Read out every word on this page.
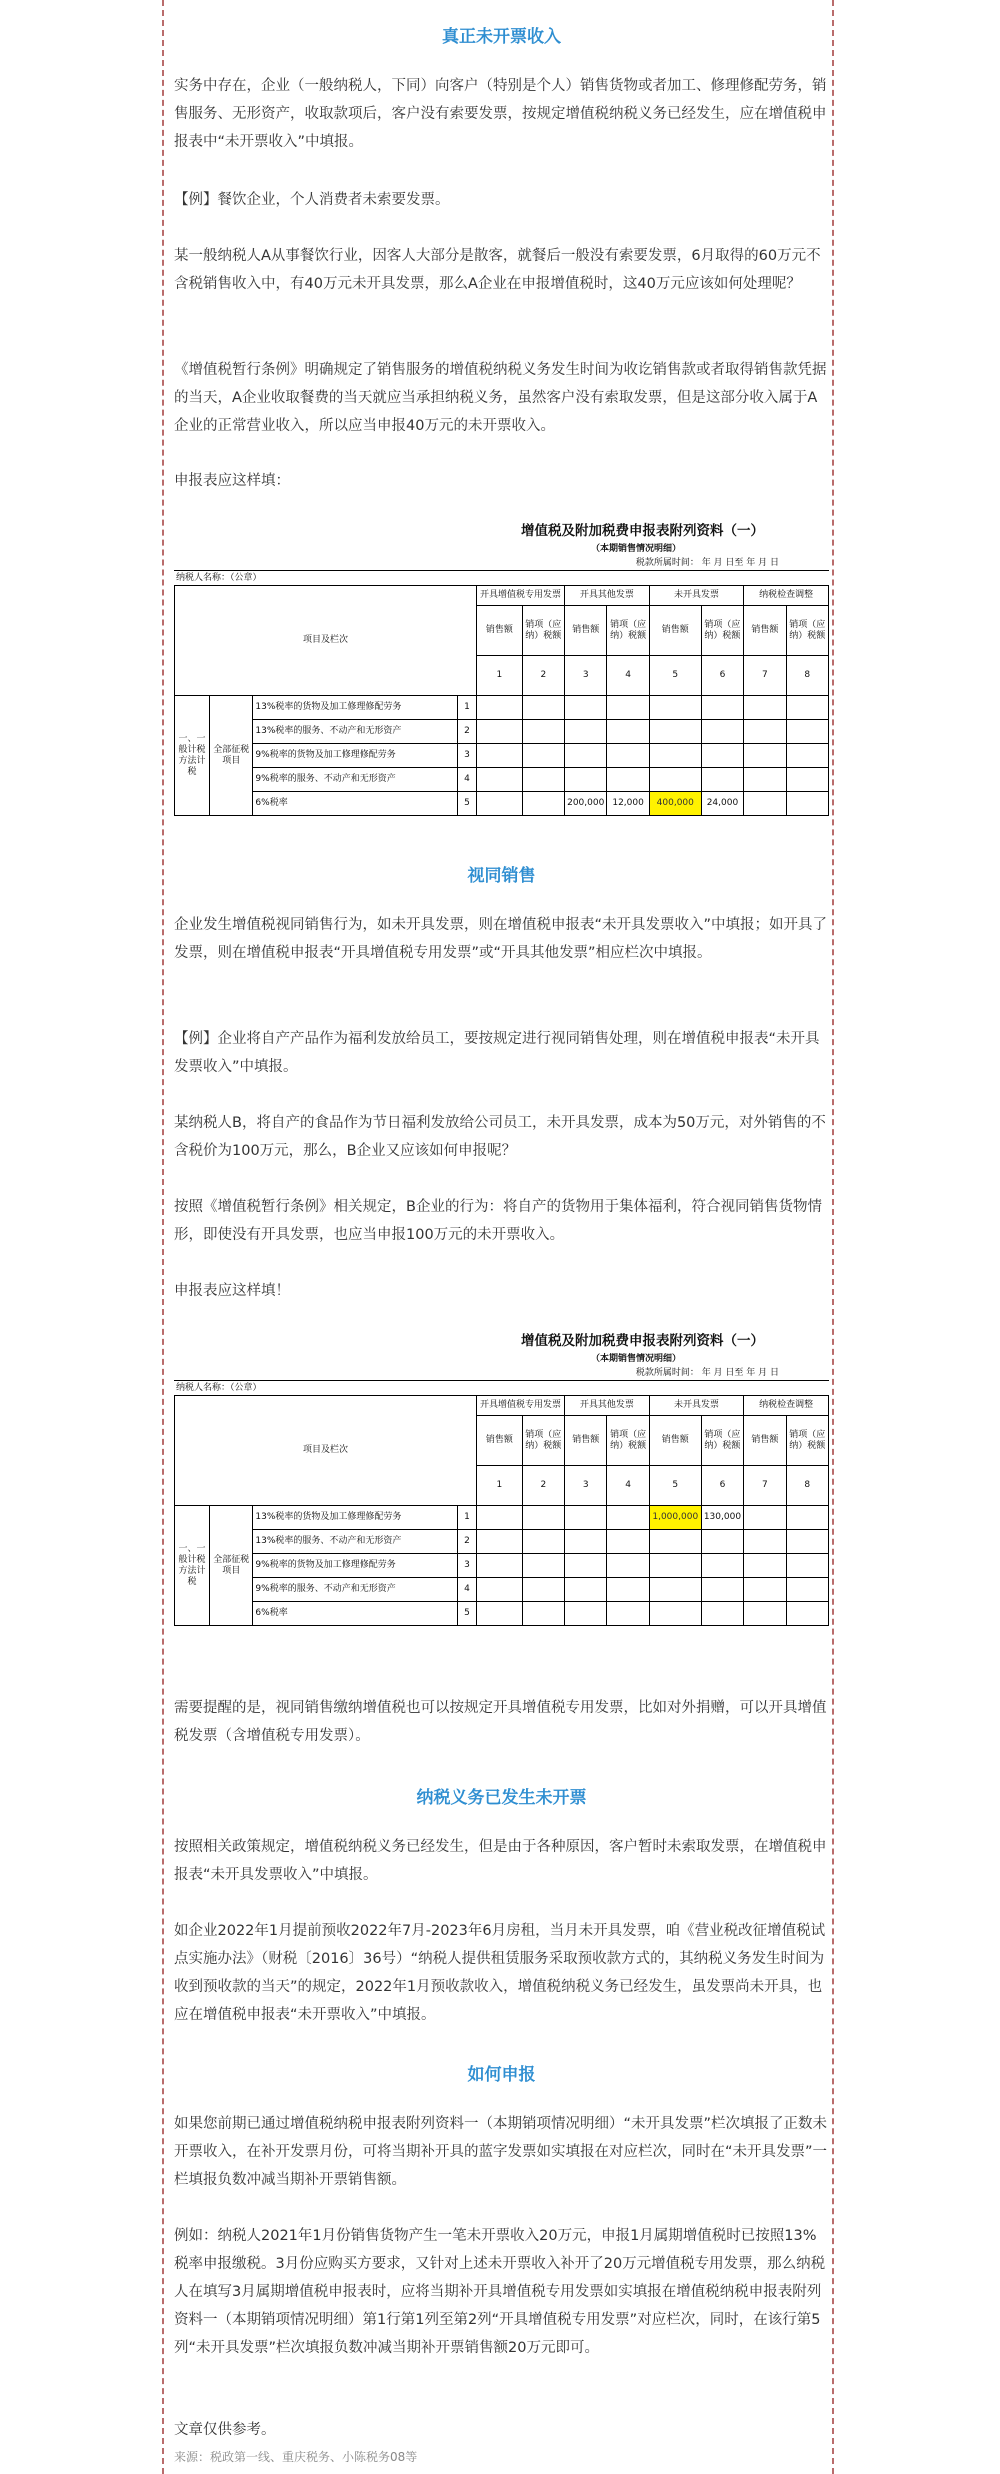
真正未开票收入

实务中存在，企业（一般纳税人，下同）向客户（特别是个人）销售货物或者加工、修理修配劳务，销售服务、无形资产，收取款项后，客户没有索要发票，按规定增值税纳税义务已经发生，应在增值税申报表中“未开票收入”中填报。

【例】餐饮企业，个人消费者未索要发票。

某一般纳税人A从事餐饮行业，因客人大部分是散客，就餐后一般没有索要发票，6月取得的60万元不含税销售收入中，有40万元未开具发票，那么A企业在申报增值税时，这40万元应该如何处理呢？

《增值税暂行条例》明确规定了销售服务的增值税纳税义务发生时间为收讫销售款或者取得销售款凭据的当天，A企业收取餐费的当天就应当承担纳税义务，虽然客户没有索取发票，但是这部分收入属于A企业的正常营业收入，所以应当申报40万元的未开票收入。

申报表应这样填：

增值税及附加税费申报表附列资料（一）
（本期销售情况明细）
税款所属时间： 年 月 日至 年 月 日
纳税人名称：（公章）
项目及栏次				开具增值税专用发票		开具其他发票		未开具发票		纳税检查调整	
				销售额	销项（应纳）税额	销售额	销项（应纳）税额	销售额	销项（应纳）税额	销售额	销项（应纳）税额
				1	2	3	4	5	6	7	8
一、一般计税方法计税	全部征税项目	13%税率的货物及加工修理修配劳务	1								
		13%税率的服务、不动产和无形资产	2								
		9%税率的货物及加工修理修配劳务	3								
		9%税率的服务、不动产和无形资产	4								
		6%税率	5			200,000	12,000	400,000	24,000		
视同销售

企业发生增值税视同销售行为，如未开具发票，则在增值税申报表“未开具发票收入”中填报；如开具了发票，则在增值税申报表“开具增值税专用发票”或“开具其他发票”相应栏次中填报。

【例】企业将自产产品作为福利发放给员工，要按规定进行视同销售处理，则在增值税申报表“未开具发票收入”中填报。

某纳税人B，将自产的食品作为节日福利发放给公司员工，未开具发票，成本为50万元，对外销售的不含税价为100万元，那么，B企业又应该如何申报呢？

按照《增值税暂行条例》相关规定，B企业的行为：将自产的货物用于集体福利，符合视同销售货物情形，即使没有开具发票，也应当申报100万元的未开票收入。

申报表应这样填！

增值税及附加税费申报表附列资料（一）
（本期销售情况明细）
税款所属时间： 年 月 日至 年 月 日
纳税人名称：（公章）
项目及栏次				开具增值税专用发票		开具其他发票		未开具发票		纳税检查调整	
				销售额	销项（应纳）税额	销售额	销项（应纳）税额	销售额	销项（应纳）税额	销售额	销项（应纳）税额
				1	2	3	4	5	6	7	8
一、一般计税方法计税	全部征税项目	13%税率的货物及加工修理修配劳务	1					1,000,000	130,000		
		13%税率的服务、不动产和无形资产	2								
		9%税率的货物及加工修理修配劳务	3								
		9%税率的服务、不动产和无形资产	4								
		6%税率	5								

需要提醒的是，视同销售缴纳增值税也可以按规定开具增值税专用发票，比如对外捐赠，可以开具增值税发票（含增值税专用发票）。

纳税义务已发生未开票

按照相关政策规定，增值税纳税义务已经发生，但是由于各种原因，客户暂时未索取发票，在增值税申报表“未开具发票收入”中填报。

如企业2022年1月提前预收2022年7月-2023年6月房租，当月未开具发票，咱《营业税改征增值税试点实施办法》（财税〔2016〕36号）“纳税人提供租赁服务采取预收款方式的，其纳税义务发生时间为收到预收款的当天”的规定，2022年1月预收款收入，增值税纳税义务已经发生，虽发票尚未开具，也应在增值税申报表“未开票收入”中填报。

如何申报

如果您前期已通过增值税纳税申报表附列资料一（本期销项情况明细）“未开具发票”栏次填报了正数未开票收入，在补开发票月份，可将当期补开具的蓝字发票如实填报在对应栏次，同时在“未开具发票”一栏填报负数冲减当期补开票销售额。

例如：纳税人2021年1月份销售货物产生一笔未开票收入20万元，申报1月属期增值税时已按照13%税率申报缴税。3月份应购买方要求，又针对上述未开票收入补开了20万元增值税专用发票，那么纳税人在填写3月属期增值税申报表时，应将当期补开具增值税专用发票如实填报在增值税纳税申报表附列资料一（本期销项情况明细）第1行第1列至第2列“开具增值税专用发票”对应栏次，同时，在该行第5列“未开具发票”栏次填报负数冲减当期补开票销售额20万元即可。

文章仅供参考。

来源：税政第一线、重庆税务、小陈税务08等
